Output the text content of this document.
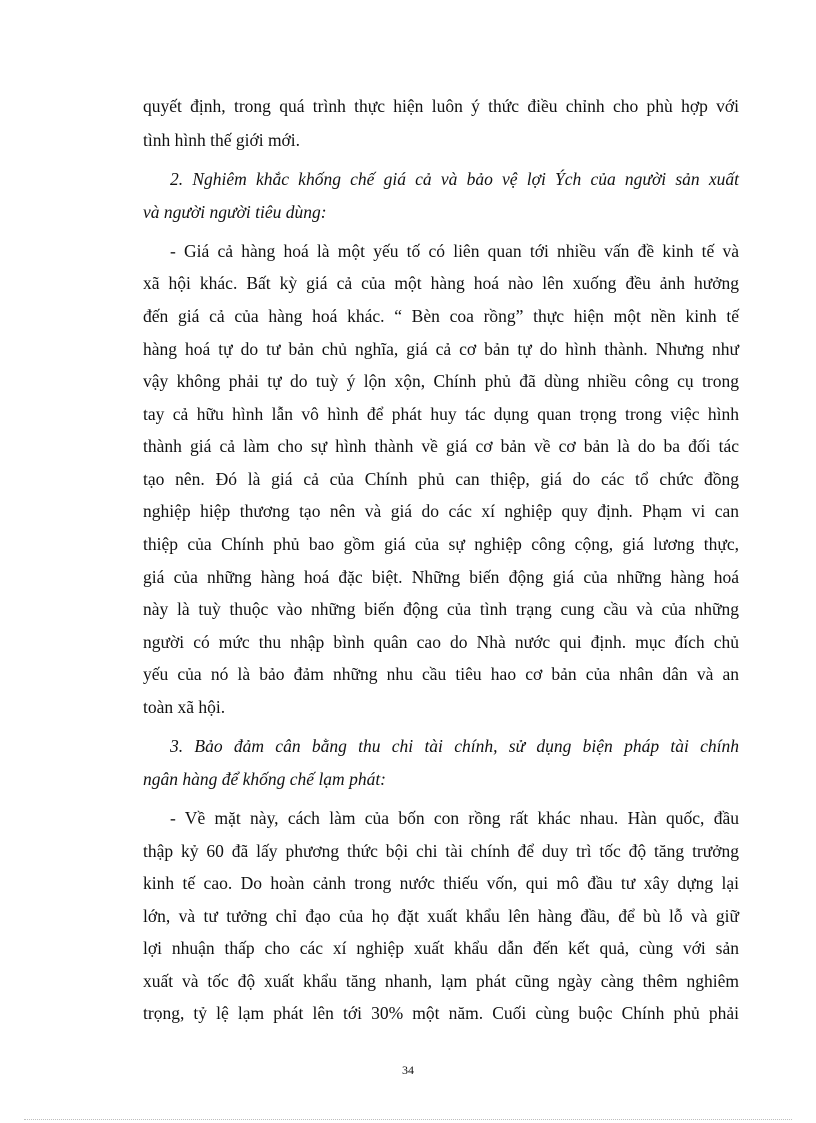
quyết định, trong quá trình thực hiện luôn ý thức điều chỉnh cho phù hợp với
tình hình thế giới mới.
2. Nghiêm khắc khống chế giá cả và bảo vệ lợi Ých của người sản xuất
và người người tiêu dùng:
- Giá cả hàng hoá là một yếu tố có liên quan tới nhiều vấn đề kinh tế và
xã hội khác. Bất kỳ giá cả của một hàng hoá nào lên xuống đều ảnh hưởng
đến giá cả của hàng hoá khác. “ Bèn coa rồng” thực hiện một nền kinh tế
hàng hoá tự do tư bản chủ nghĩa, giá cả cơ bản tự do hình thành. Nhưng như
vậy không phải tự do tuỳ ý lộn xộn, Chính phủ đã dùng nhiều công cụ trong
tay cả hữu hình lẫn vô hình để phát huy tác dụng quan trọng trong việc hình
thành giá cả làm cho sự hình thành về giá cơ bản về cơ bản là do ba đối tác
tạo nên. Đó là giá cả của Chính phủ can thiệp, giá do các tổ chức đồng
nghiệp hiệp thương tạo nên và giá do các xí nghiệp quy định. Phạm vi can
thiệp của Chính phủ bao gồm giá của sự nghiệp công cộng, giá lương thực,
giá của những hàng hoá đặc biệt. Những biến động giá của những hàng hoá
này là tuỳ thuộc vào những biến động của tình trạng cung cầu và của những
người có mức thu nhập bình quân cao do Nhà nước qui định. mục đích chủ
yếu của nó là bảo đảm những nhu cầu tiêu hao cơ bản của nhân dân và an
toàn xã hội.
3. Bảo đảm cân bằng thu chi tài chính, sử dụng biện pháp tài chính
ngân hàng để khống chế lạm phát:
- Về mặt này, cách làm của bốn con rồng rất khác nhau. Hàn quốc, đầu
thập kỷ 60 đã lấy phương thức bội chi tài chính để duy trì tốc độ tăng trưởng
kinh tế cao. Do hoàn cảnh trong nước thiếu vốn, qui mô đầu tư xây dựng lại
lớn, và tư tưởng chỉ đạo của họ đặt xuất khẩu lên hàng đầu, để bù lỗ và giữ
lợi nhuận thấp cho các xí nghiệp xuất khẩu dẫn đến kết quả, cùng với sản
xuất và tốc độ xuất khẩu tăng nhanh, lạm phát cũng ngày càng thêm nghiêm
trọng, tỷ lệ lạm phát lên tới 30% một năm. Cuối cùng buộc Chính phủ phải
34
